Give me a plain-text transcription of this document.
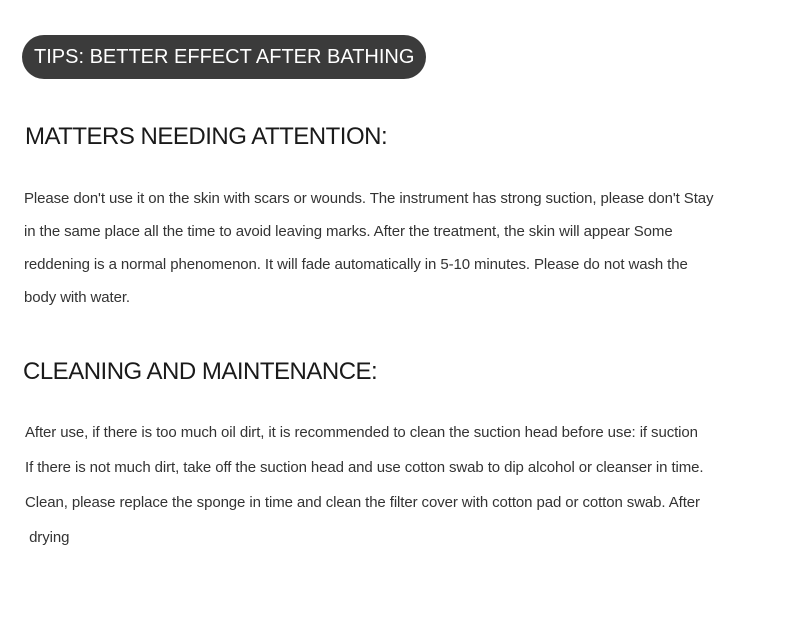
TIPS: BETTER EFFECT AFTER BATHING
MATTERS NEEDING ATTENTION:
Please don't use it on the skin with scars or wounds. The instrument has strong suction, please don't Stay
in the same place all the time to avoid leaving marks. After the treatment, the skin will appear Some
reddening is a normal phenomenon. It will fade automatically in 5-10 minutes. Please do not wash the
body with water.
CLEANING AND MAINTENANCE:
After use, if there is too much oil dirt, it is recommended to clean the suction head before use: if suction
If there is not much dirt, take off the suction head and use cotton swab to dip alcohol or cleanser in time.
Clean, please replace the sponge in time and clean the filter cover with cotton pad or cotton swab. After
drying
